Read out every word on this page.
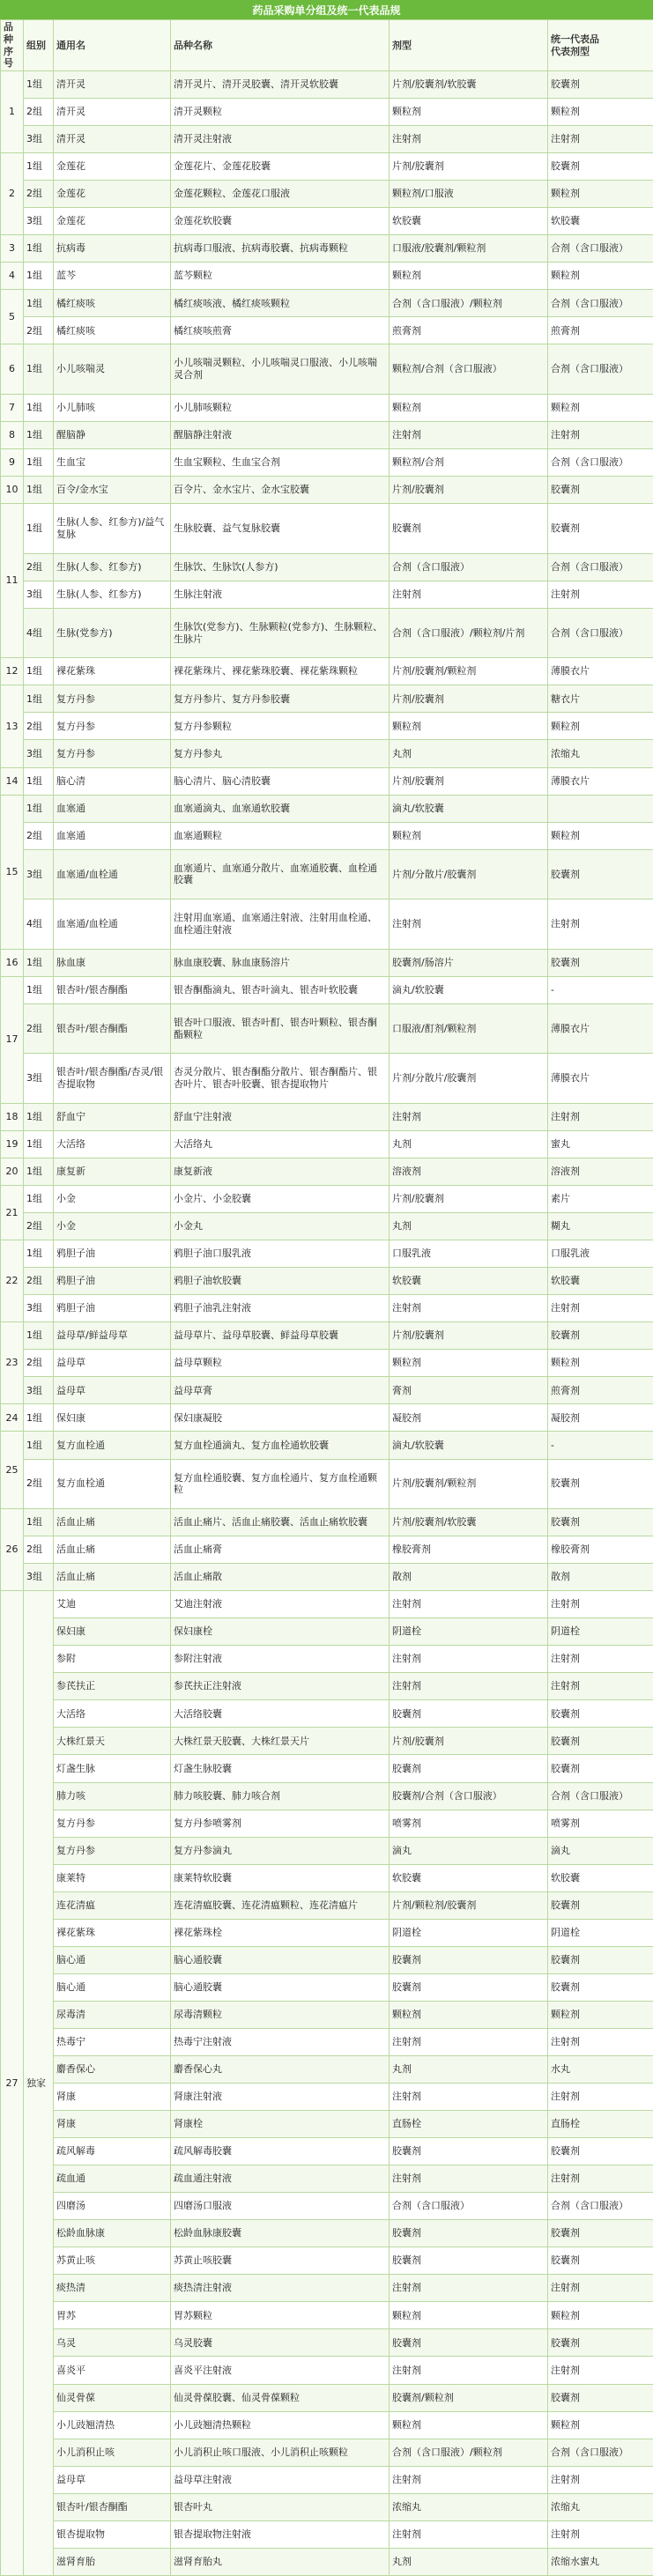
药品采购单分组及统一代表品规
品种序号	组别	通用名	品种名称	剂型	统一代表品
代表剂型

1	1组	清开灵	清开灵片、清开灵胶囊、清开灵软胶囊	片剂/胶囊剂/软胶囊	胶囊剂
	2组	清开灵	清开灵颗粒	颗粒剂	颗粒剂
	3组	清开灵	清开灵注射液	注射剂	注射剂
2	1组	金莲花	金莲花片、金莲花胶囊	片剂/胶囊剂	胶囊剂
	2组	金莲花	金莲花颗粒、金莲花口服液	颗粒剂/口服液	颗粒剂
	3组	金莲花	金莲花软胶囊	软胶囊	软胶囊
3	1组	抗病毒	抗病毒口服液、抗病毒胶囊、抗病毒颗粒	口服液/胶囊剂/颗粒剂	合剂（含口服液）
4	1组	蓝芩	蓝芩颗粒	颗粒剂	颗粒剂
5	1组	橘红痰咳	橘红痰咳液、橘红痰咳颗粒	合剂（含口服液）/颗粒剂	合剂（含口服液）
	2组	橘红痰咳	橘红痰咳煎膏	煎膏剂	煎膏剂
6	1组	小儿咳喘灵	小儿咳喘灵颗粒、小儿咳喘灵口服液、小儿咳喘灵合剂	颗粒剂/合剂（含口服液）	合剂（含口服液）
7	1组	小儿肺咳	小儿肺咳颗粒	颗粒剂	颗粒剂
8	1组	醒脑静	醒脑静注射液	注射剂	注射剂
9	1组	生血宝	生血宝颗粒、生血宝合剂	颗粒剂/合剂	合剂（含口服液）
10	1组	百令/金水宝	百令片、金水宝片、金水宝胶囊	片剂/胶囊剂	胶囊剂
11	1组	生脉(人参、红参方)/益气复脉	生脉胶囊、益气复脉胶囊	胶囊剂	胶囊剂
	2组	生脉(人参、红参方)	生脉饮、生脉饮(人参方)	合剂（含口服液）	合剂（含口服液）
	3组	生脉(人参、红参方)	生脉注射液	注射剂	注射剂
	4组	生脉(党参方)	生脉饮(党参方)、生脉颗粒(党参方)、生脉颗粒、生脉片	合剂（含口服液）/颗粒剂/片剂	合剂（含口服液）
12	1组	裸花紫珠	裸花紫珠片、裸花紫珠胶囊、裸花紫珠颗粒	片剂/胶囊剂/颗粒剂	薄膜衣片
13	1组	复方丹参	复方丹参片、复方丹参胶囊	片剂/胶囊剂	糖衣片
	2组	复方丹参	复方丹参颗粒	颗粒剂	颗粒剂
	3组	复方丹参	复方丹参丸	丸剂	浓缩丸
14	1组	脑心清	脑心清片、脑心清胶囊	片剂/胶囊剂	薄膜衣片
15	1组	血塞通	血塞通滴丸、血塞通软胶囊	滴丸/软胶囊	
	2组	血塞通	血塞通颗粒	颗粒剂	颗粒剂
	3组	血塞通/血栓通	血塞通片、血塞通分散片、血塞通胶囊、血栓通胶囊	片剂/分散片/胶囊剂	胶囊剂
	4组	血塞通/血栓通	注射用血塞通、血塞通注射液、注射用血栓通、血栓通注射液	注射剂	注射剂
16	1组	脉血康	脉血康胶囊、脉血康肠溶片	胶囊剂/肠溶片	胶囊剂
17	1组	银杏叶/银杏酮酯	银杏酮酯滴丸、银杏叶滴丸、银杏叶软胶囊	滴丸/软胶囊	-
	2组	银杏叶/银杏酮酯	银杏叶口服液、银杏叶酊、银杏叶颗粒、银杏酮酯颗粒	口服液/酊剂/颗粒剂	薄膜衣片
	3组	银杏叶/银杏酮酯/杏灵/银杏提取物	杏灵分散片、银杏酮酯分散片、银杏酮酯片、银杏叶片、银杏叶胶囊、银杏提取物片	片剂/分散片/胶囊剂	薄膜衣片
18	1组	舒血宁	舒血宁注射液	注射剂	注射剂
19	1组	大活络	大活络丸	丸剂	蜜丸
20	1组	康复新	康复新液	溶液剂	溶液剂
21	1组	小金	小金片、小金胶囊	片剂/胶囊剂	素片
	2组	小金	小金丸	丸剂	糊丸
22	1组	鸦胆子油	鸦胆子油口服乳液	口服乳液	口服乳液
	2组	鸦胆子油	鸦胆子油软胶囊	软胶囊	软胶囊
	3组	鸦胆子油	鸦胆子油乳注射液	注射剂	注射剂
23	1组	益母草/鲜益母草	益母草片、益母草胶囊、鲜益母草胶囊	片剂/胶囊剂	胶囊剂
	2组	益母草	益母草颗粒	颗粒剂	颗粒剂
	3组	益母草	益母草膏	膏剂	煎膏剂
24	1组	保妇康	保妇康凝胶	凝胶剂	凝胶剂
25	1组	复方血栓通	复方血栓通滴丸、复方血栓通软胶囊	滴丸/软胶囊	-
	2组	复方血栓通	复方血栓通胶囊、复方血栓通片、复方血栓通颗粒	片剂/胶囊剂/颗粒剂	胶囊剂
26	1组	活血止痛	活血止痛片、活血止痛胶囊、活血止痛软胶囊	片剂/胶囊剂/软胶囊	胶囊剂
	2组	活血止痛	活血止痛膏	橡胶膏剂	橡胶膏剂
	3组	活血止痛	活血止痛散	散剂	散剂
27	独家	艾迪	艾迪注射液	注射剂	注射剂
		保妇康	保妇康栓	阴道栓	阴道栓
		参附	参附注射液	注射剂	注射剂
		参芪扶正	参芪扶正注射液	注射剂	注射剂
		大活络	大活络胶囊	胶囊剂	胶囊剂
		大株红景天	大株红景天胶囊、大株红景天片	片剂/胶囊剂	胶囊剂
		灯盏生脉	灯盏生脉胶囊	胶囊剂	胶囊剂
		肺力咳	肺力咳胶囊、肺力咳合剂	胶囊剂/合剂（含口服液）	合剂（含口服液）
		复方丹参	复方丹参喷雾剂	喷雾剂	喷雾剂
		复方丹参	复方丹参滴丸	滴丸	滴丸
		康莱特	康莱特软胶囊	软胶囊	软胶囊
		连花清瘟	连花清瘟胶囊、连花清瘟颗粒、连花清瘟片	片剂/颗粒剂/胶囊剂	胶囊剂
		裸花紫珠	裸花紫珠栓	阴道栓	阴道栓
		脑心通	脑心通胶囊	胶囊剂	胶囊剂
		脑心通	脑心通胶囊	胶囊剂	胶囊剂
		尿毒清	尿毒清颗粒	颗粒剂	颗粒剂
		热毒宁	热毒宁注射液	注射剂	注射剂
		麝香保心	麝香保心丸	丸剂	水丸
		肾康	肾康注射液	注射剂	注射剂
		肾康	肾康栓	直肠栓	直肠栓
		疏风解毒	疏风解毒胶囊	胶囊剂	胶囊剂
		疏血通	疏血通注射液	注射剂	注射剂
		四磨汤	四磨汤口服液	合剂（含口服液）	合剂（含口服液）
		松龄血脉康	松龄血脉康胶囊	胶囊剂	胶囊剂
		苏黄止咳	苏黄止咳胶囊	胶囊剂	胶囊剂
		痰热清	痰热清注射液	注射剂	注射剂
		胃苏	胃苏颗粒	颗粒剂	颗粒剂
		乌灵	乌灵胶囊	胶囊剂	胶囊剂
		喜炎平	喜炎平注射液	注射剂	注射剂
		仙灵骨葆	仙灵骨葆胶囊、仙灵骨葆颗粒	胶囊剂/颗粒剂	胶囊剂
		小儿豉翘清热	小儿豉翘清热颗粒	颗粒剂	颗粒剂
		小儿消积止咳	小儿消积止咳口服液、小儿消积止咳颗粒	合剂（含口服液）/颗粒剂	合剂（含口服液）
		益母草	益母草注射液	注射剂	注射剂
		银杏叶/银杏酮酯	银杏叶丸	浓缩丸	浓缩丸
		银杏提取物	银杏提取物注射液	注射剂	注射剂
		滋肾育胎	滋肾育胎丸	丸剂	浓缩水蜜丸
